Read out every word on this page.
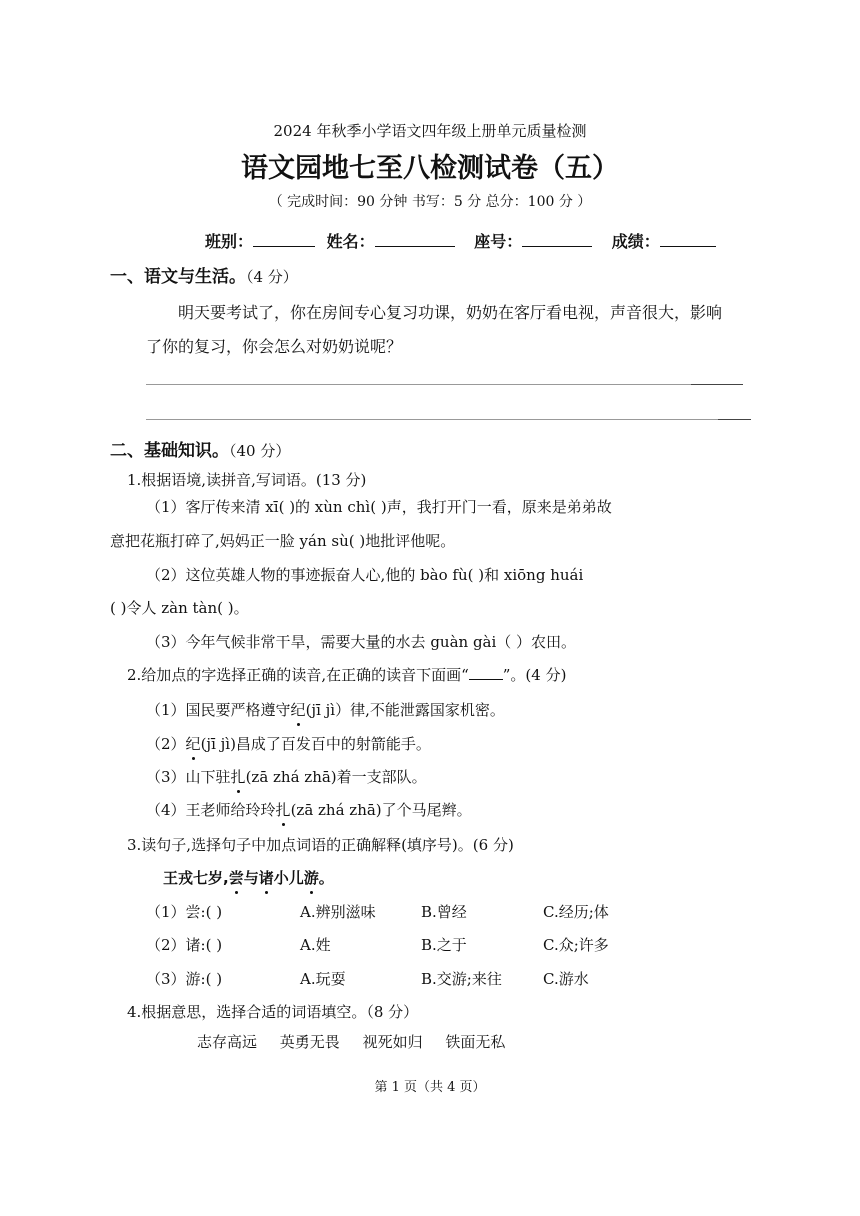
2024 年秋季小学语文四年级上册单元质量检测
语文园地七至八检测试卷（五）
（ 完成时间：90 分钟 书写：5 分 总分：100 分 ）
班别：	姓名：	座号：	成绩：
一、语文与生活。（4 分）
明天要考试了，你在房间专心复习功课，奶奶在客厅看电视，声音很大，影响
了你的复习，你会怎么对奶奶说呢？
二、基础知识。（40 分）
1.根据语境,读拼音,写词语。(13 分)
（1）客厅传来清 xī( )的 xùn chì( )声，我打开门一看，原来是弟弟故
意把花瓶打碎了,妈妈正一脸 yán sù( )地批评他呢。
（2）这位英雄人物的事迹振奋人心,他的 bào fù( )和 xiōng huái
( )令人 zàn tàn( )。
（3）今年气候非常干旱，需要大量的水去 guàn gài（ ）农田。
2.给加点的字选择正确的读音,在正确的读音下面画“ ”。(4 分)
（1）国民要严格遵守纪(jī jì）律,不能泄露国家机密。
（2）纪(jī jì)昌成了百发百中的射箭能手。
（3）山下驻扎(zā zhá zhā)着一支部队。
（4）王老师给玲玲扎(zā zhá zhā)了个马尾辫。
3.读句子,选择句子中加点词语的正确解释(填序号)。(6 分)
王戎七岁,尝与诸小儿游。
（1）尝:( )	A.辨别滋味	B.曾经	C.经历;体
（2）诸:( )	A.姓	B.之于	C.众;许多
（3）游:( )	A.玩耍	B.交游;来往	C.游水
4.根据意思，选择合适的词语填空。（8 分）
志存高远 英勇无畏 视死如归 铁面无私
第 1 页（共 4 页）
